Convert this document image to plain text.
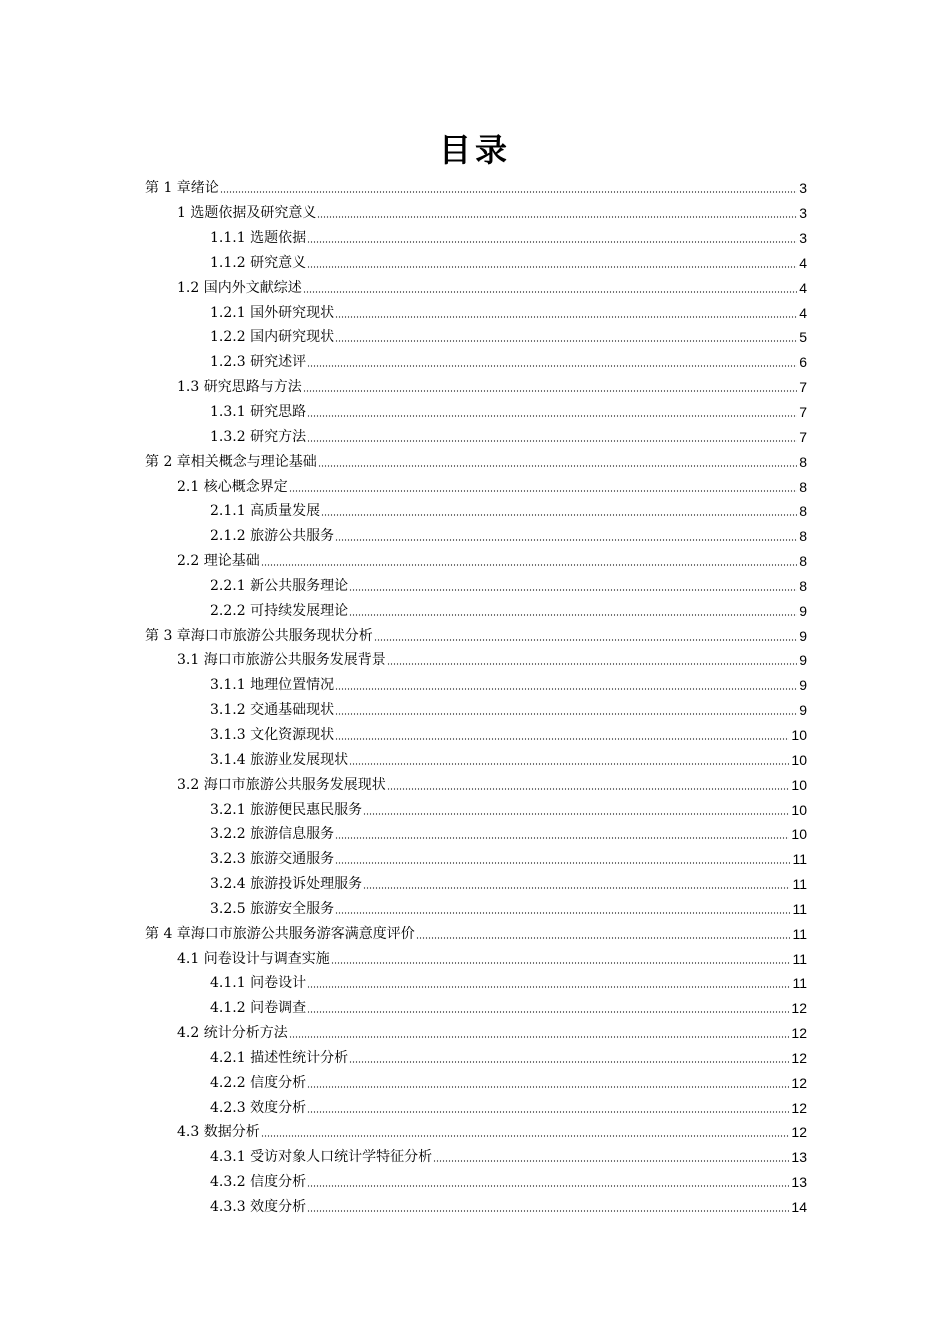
目录
第 1 章绪论	3
1 选题依据及研究意义	3
1.1.1 选题依据	3
1.1.2 研究意义	4
1.2 国内外文献综述	4
1.2.1 国外研究现状	4
1.2.2 国内研究现状	5
1.2.3 研究述评	6
1.3 研究思路与方法	7
1.3.1 研究思路	7
1.3.2 研究方法	7
第 2 章相关概念与理论基础	8
2.1 核心概念界定	8
2.1.1 高质量发展	8
2.1.2 旅游公共服务	8
2.2 理论基础	8
2.2.1 新公共服务理论	8
2.2.2 可持续发展理论	9
第 3 章海口市旅游公共服务现状分析	9
3.1 海口市旅游公共服务发展背景	9
3.1.1 地理位置情况	9
3.1.2 交通基础现状	9
3.1.3 文化资源现状	10
3.1.4 旅游业发展现状	10
3.2 海口市旅游公共服务发展现状	10
3.2.1 旅游便民惠民服务	10
3.2.2 旅游信息服务	10
3.2.3 旅游交通服务	11
3.2.4 旅游投诉处理服务	11
3.2.5 旅游安全服务	11
第 4 章海口市旅游公共服务游客满意度评价	11
4.1 问卷设计与调查实施	11
4.1.1 问卷设计	11
4.1.2 问卷调查	12
4.2 统计分析方法	12
4.2.1 描述性统计分析	12
4.2.2 信度分析	12
4.2.3 效度分析	12
4.3 数据分析	12
4.3.1 受访对象人口统计学特征分析	13
4.3.2 信度分析	13
4.3.3 效度分析	14
